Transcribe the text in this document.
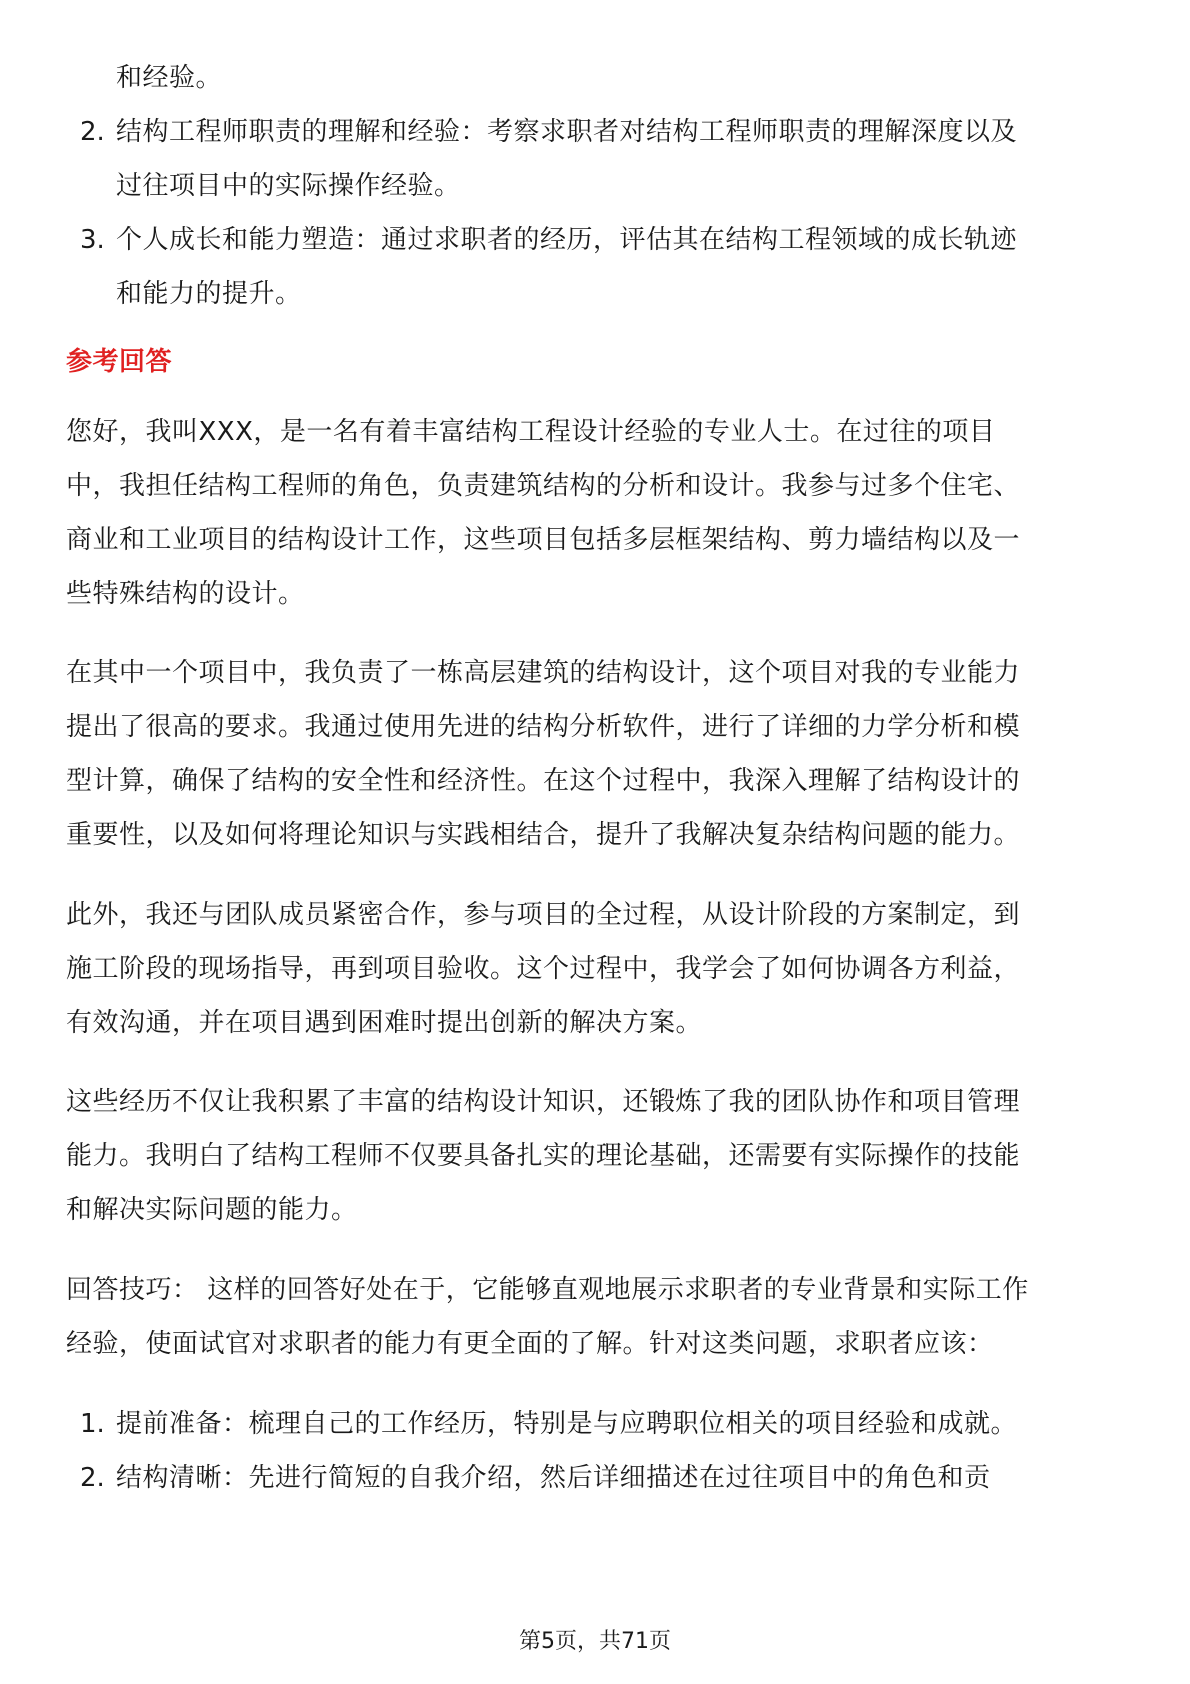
和经验。
2. 结构工程师职责的理解和经验：考察求职者对结构工程师职责的理解深度以及
过往项目中的实际操作经验。
3. 个人成长和能力塑造：通过求职者的经历，评估其在结构工程领域的成长轨迹
和能力的提升。
参考回答
您好，我叫XXX，是一名有着丰富结构工程设计经验的专业人士。在过往的项目
中，我担任结构工程师的角色，负责建筑结构的分析和设计。我参与过多个住宅、
商业和工业项目的结构设计工作，这些项目包括多层框架结构、剪力墙结构以及一
些特殊结构的设计。
在其中一个项目中，我负责了一栋高层建筑的结构设计，这个项目对我的专业能力
提出了很高的要求。我通过使用先进的结构分析软件，进行了详细的力学分析和模
型计算，确保了结构的安全性和经济性。在这个过程中，我深入理解了结构设计的
重要性，以及如何将理论知识与实践相结合，提升了我解决复杂结构问题的能力。
此外，我还与团队成员紧密合作，参与项目的全过程，从设计阶段的方案制定，到
施工阶段的现场指导，再到项目验收。这个过程中，我学会了如何协调各方利益，
有效沟通，并在项目遇到困难时提出创新的解决方案。
这些经历不仅让我积累了丰富的结构设计知识，还锻炼了我的团队协作和项目管理
能力。我明白了结构工程师不仅要具备扎实的理论基础，还需要有实际操作的技能
和解决实际问题的能力。
回答技巧： 这样的回答好处在于，它能够直观地展示求职者的专业背景和实际工作
经验，使面试官对求职者的能力有更全面的了解。针对这类问题，求职者应该：
1. 提前准备：梳理自己的工作经历，特别是与应聘职位相关的项目经验和成就。
2. 结构清晰：先进行简短的自我介绍，然后详细描述在过往项目中的角色和贡
第5页，共71页
